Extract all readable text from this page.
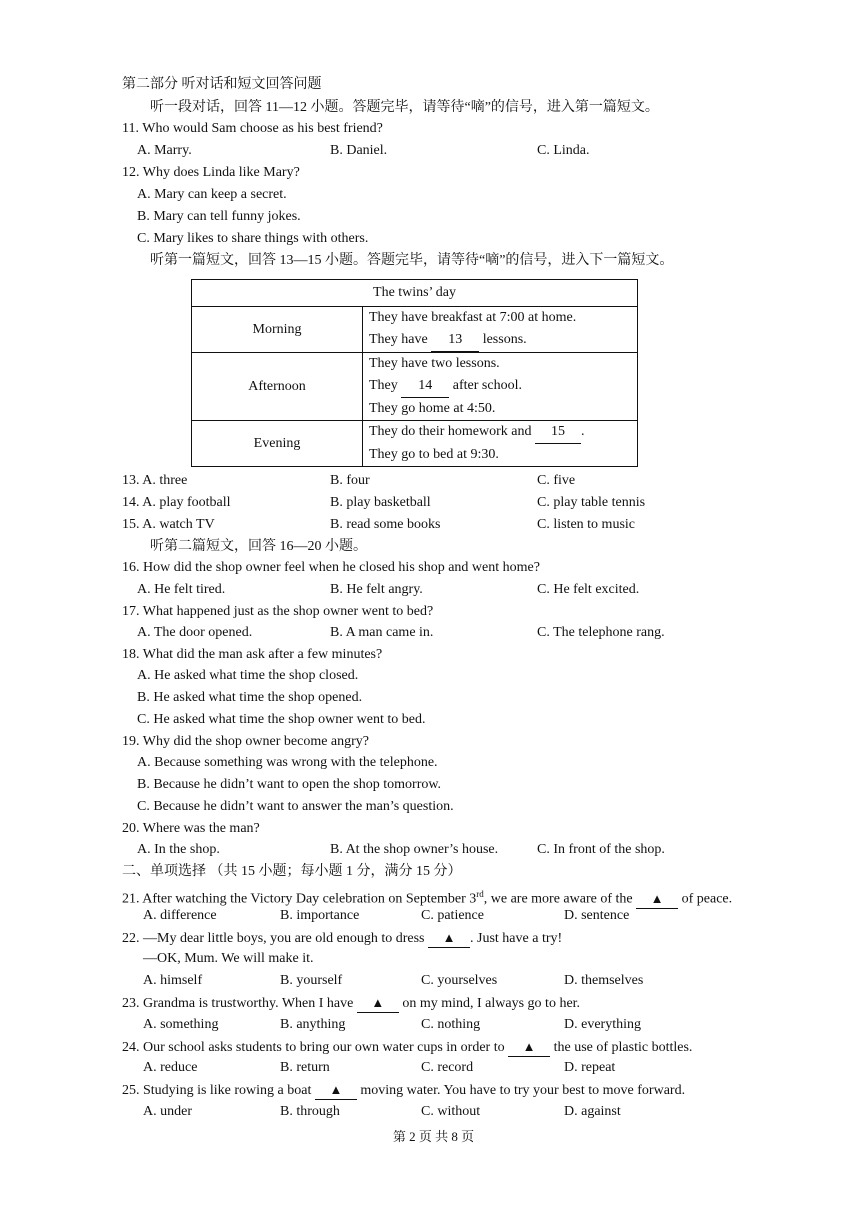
第二部分 听对话和短文回答问题
听一段对话，回答 11—12 小题。答题完毕，请等待“嘀”的信号，进入第一篇短文。
11. Who would Sam choose as his best friend?
A. Marry.	B. Daniel.	C. Linda.
12. Why does Linda like Mary?
A. Mary can keep a secret.
B. Mary can tell funny jokes.
C. Mary likes to share things with others.
听第一篇短文，回答 13—15 小题。答题完毕，请等待“嘀”的信号，进入下一篇短文。
The twins’ day	
Morning	They have breakfast at 7:00 at home.
They have 13 lessons.

Afternoon	They have two lessons.
They 14 after school.
They go home at 4:50.

Evening	They do their homework and 15 .
They go to bed at 9:30.
13. A. three	B. four	C. five
14. A. play football	B. play basketball	C. play table tennis
15. A. watch TV	B. read some books	C. listen to music
听第二篇短文，回答 16—20 小题。
16. How did the shop owner feel when he closed his shop and went home?
A. He felt tired.	B. He felt angry.	C. He felt excited.
17. What happened just as the shop owner went to bed?
A. The door opened.	B. A man came in.	C. The telephone rang.
18. What did the man ask after a few minutes?
A. He asked what time the shop closed.
B. He asked what time the shop opened.
C. He asked what time the shop owner went to bed.
19. Why did the shop owner become angry?
A. Because something was wrong with the telephone.
B. Because he didn’t want to open the shop tomorrow.
C. Because he didn’t want to answer the man’s question.
20. Where was the man?
A. In the shop.	B. At the shop owner’s house.	C. In front of the shop.
二、单项选择 （共 15 小题；每小题 1 分，满分 15 分）
21. After watching the Victory Day celebration on September 3rd, we are more aware of the ▲ of peace.
A. difference	B. importance	C. patience	D. sentence
22. —My dear little boys, you are old enough to dress ▲ . Just have a try!
—OK, Mum. We will make it.
A. himself	B. yourself	C. yourselves	D. themselves
23. Grandma is trustworthy. When I have ▲ on my mind, I always go to her.
A. something	B. anything	C. nothing	D. everything
24. Our school asks students to bring our own water cups in order to ▲ the use of plastic bottles.
A. reduce	B. return	C. record	D. repeat
25. Studying is like rowing a boat ▲ moving water. You have to try your best to move forward.
A. under	B. through	C. without	D. against
第 2 页 共 8 页
